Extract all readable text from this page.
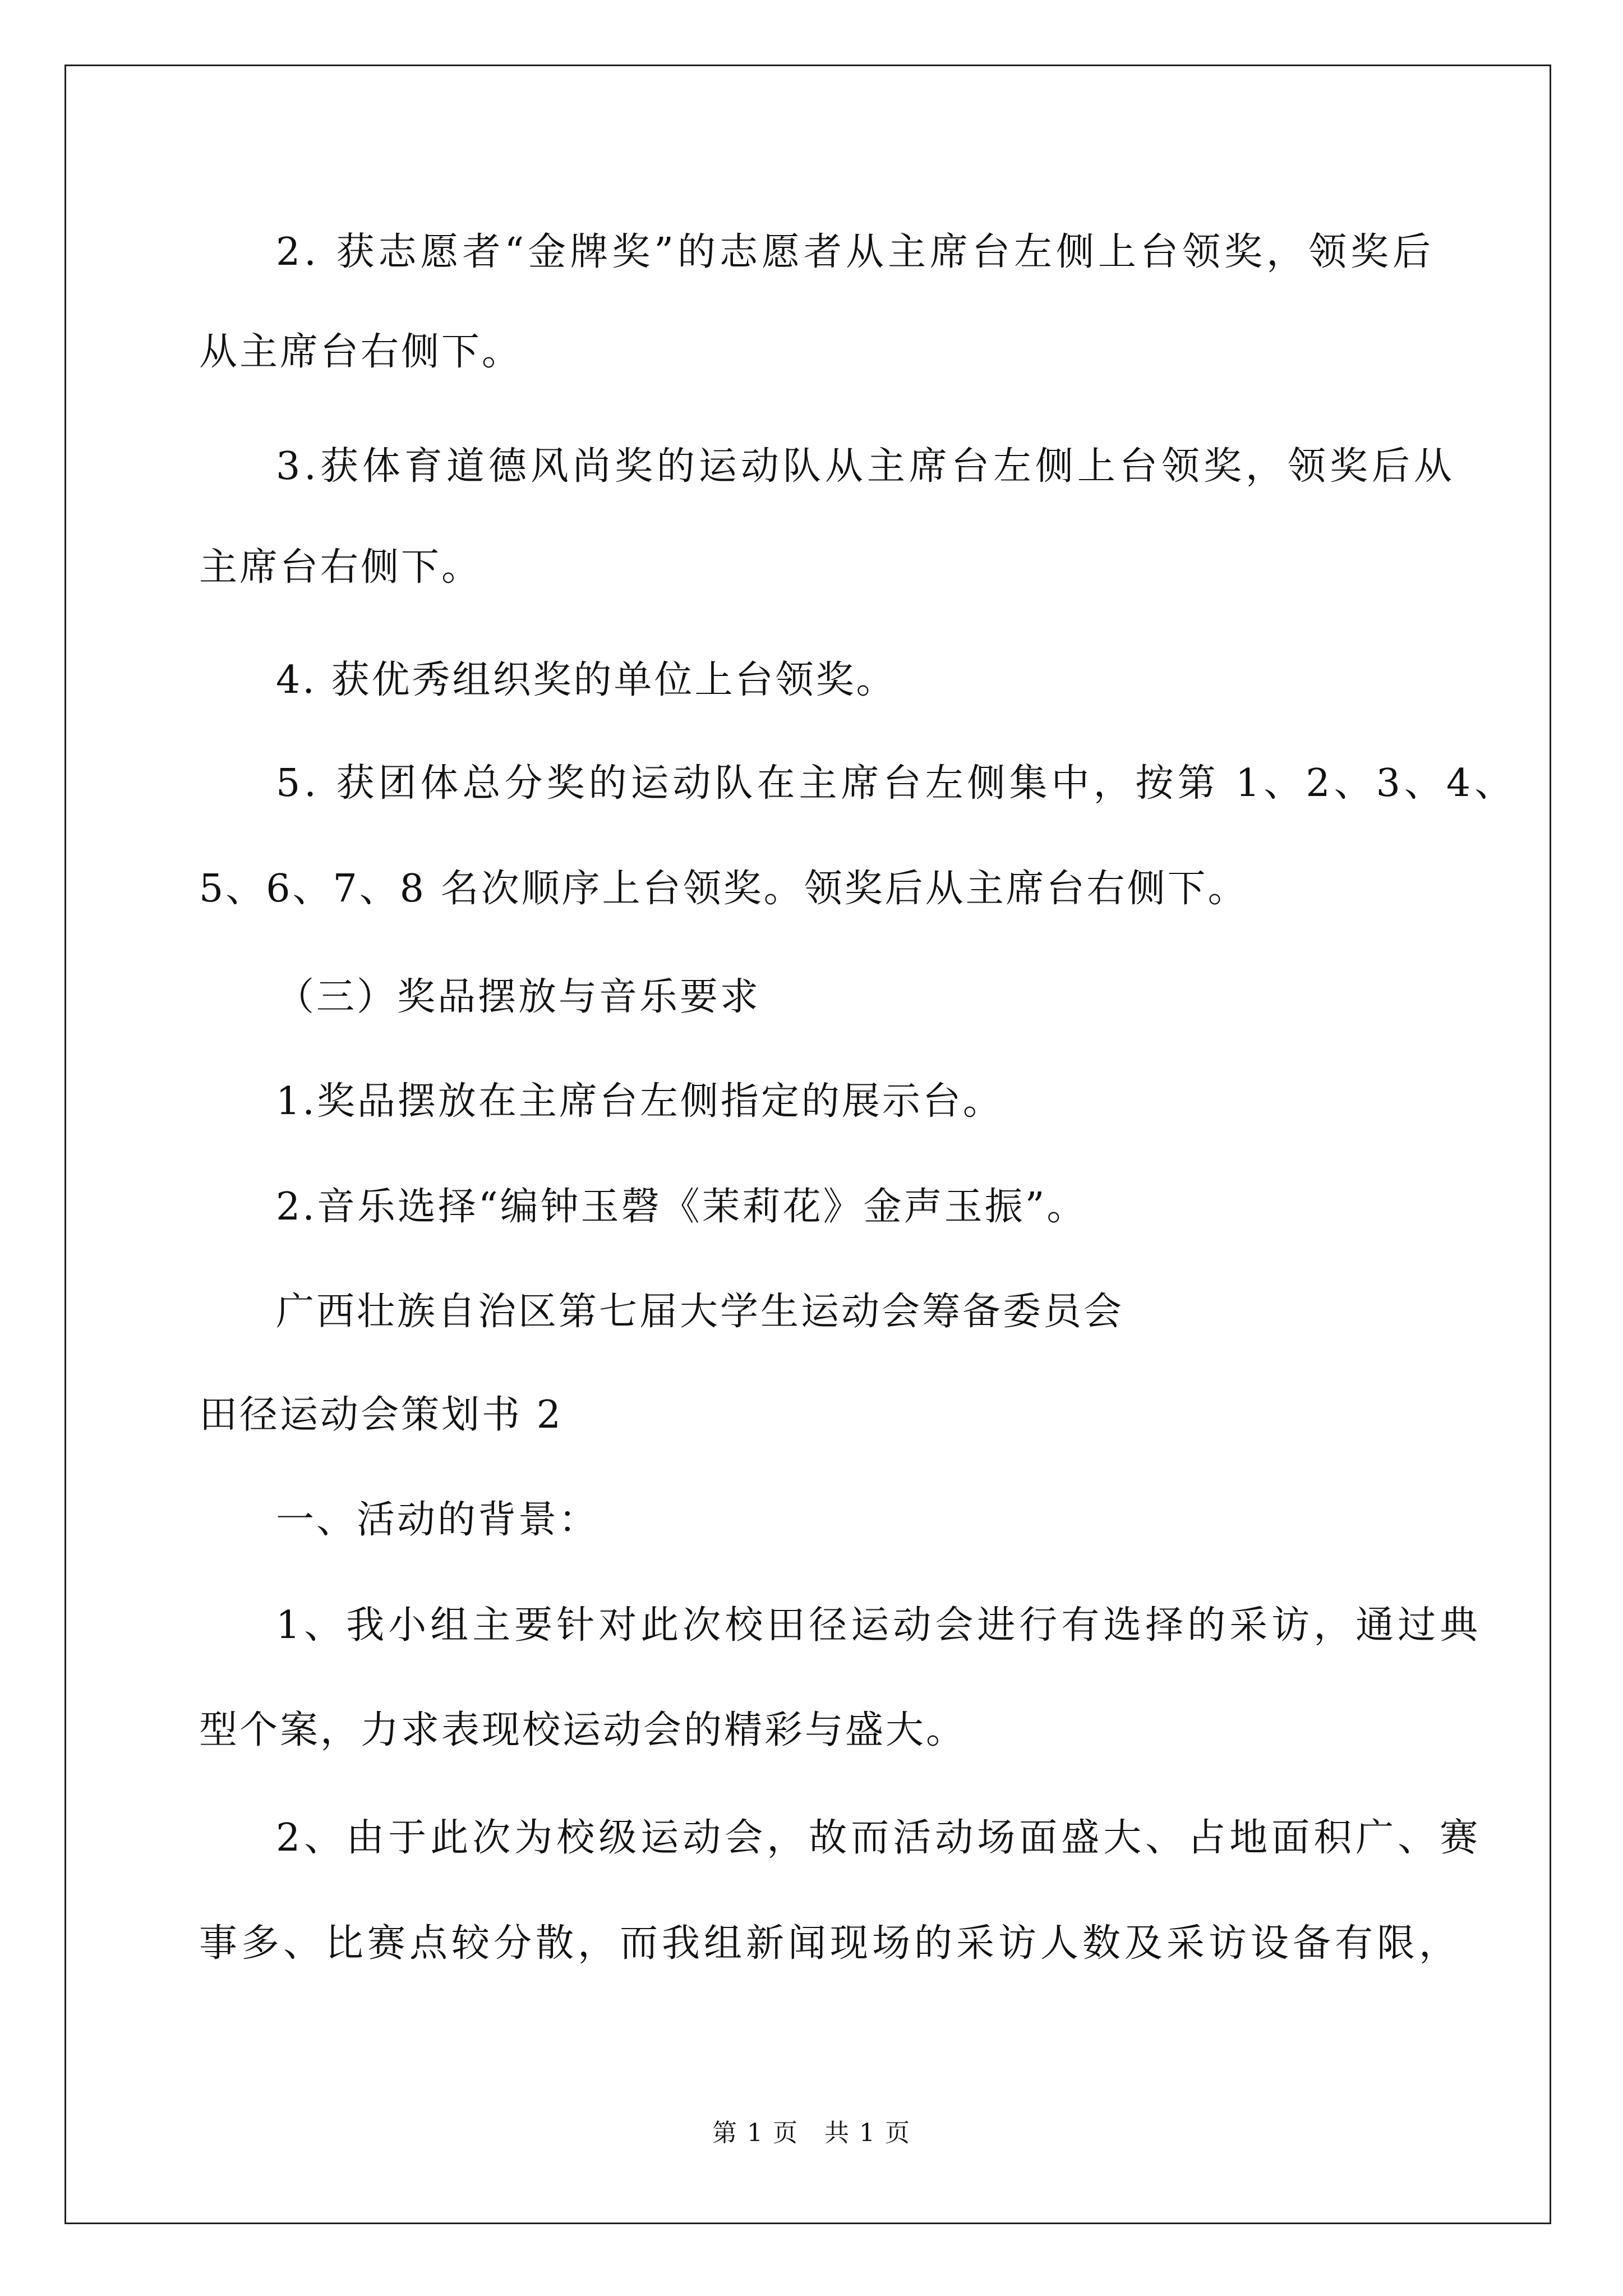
2. 获志愿者“金牌奖”的志愿者从主席台左侧上台领奖，领奖后
从主席台右侧下。
3.获体育道德风尚奖的运动队从主席台左侧上台领奖，领奖后从
主席台右侧下。
4. 获优秀组织奖的单位上台领奖。
5. 获团体总分奖的运动队在主席台左侧集中，按第 1、2、3、4、
5、6、7、8 名次顺序上台领奖。领奖后从主席台右侧下。
（三）奖品摆放与音乐要求
1.奖品摆放在主席台左侧指定的展示台。
2.音乐选择“编钟玉磬《茉莉花》金声玉振”。
广西壮族自治区第七届大学生运动会筹备委员会
田径运动会策划书 2
一、活动的背景：
1、我小组主要针对此次校田径运动会进行有选择的采访，通过典
型个案，力求表现校运动会的精彩与盛大。
2、由于此次为校级运动会，故而活动场面盛大、占地面积广、赛
事多、比赛点较分散，而我组新闻现场的采访人数及采访设备有限，
第 1 页　共 1 页
